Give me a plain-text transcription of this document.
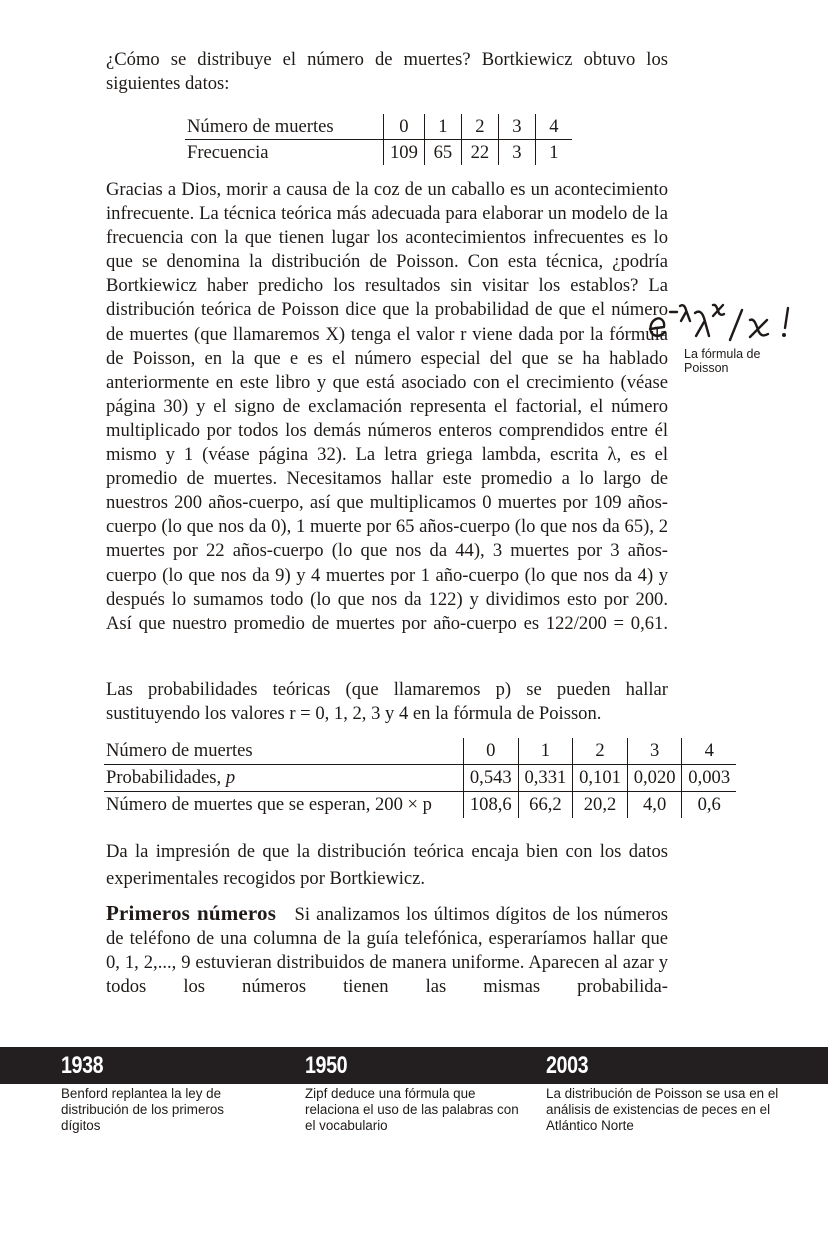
¿Cómo se distribuye el número de muertes? Bortkiewicz obtuvo los siguientes datos:

Número de muertes	0	1	2	3	4
Frecuencia	109	65	22	3	1

Gracias a Dios, morir a causa de la coz de un caballo es un acontecimiento infrecuente. La técnica teórica más adecuada para elaborar un modelo de la frecuencia con la que tienen lugar los acontecimientos infrecuentes es lo que se denomina la distribución de Poisson. Con esta técnica, ¿podría Bortkiewicz haber predicho los resultados sin visitar los establos? La distribución teórica de Poisson dice que la probabilidad de que el número de muertes (que llamaremos X) tenga el valor r viene dada por la fórmula de Poisson, en la que e es el número especial del que se ha hablado anteriormente en este libro y que está asociado con el crecimiento (véase página 30) y el signo de exclamación representa el factorial, el número multiplicado por todos los demás números enteros comprendidos entre él mismo y 1 (véase página 32). La letra griega lambda, escrita λ, es el promedio de muertes. Necesitamos hallar este promedio a lo largo de nuestros 200 años-cuerpo, así que multiplicamos 0 muertes por 109 años-cuerpo (lo que nos da 0), 1 muerte por 65 años-cuerpo (lo que nos da 65), 2 muertes por 22 años-cuerpo (lo que nos da 44), 3 muertes por 3 años-cuerpo (lo que nos da 9) y 4 muertes por 1 año-cuerpo (lo que nos da 4) y después lo sumamos todo (lo que nos da 122) y dividimos esto por 200. Así que nuestro promedio de muertes por año-cuerpo es 122/200 = 0,61.

La fórmula de Poisson

Las probabilidades teóricas (que llamaremos p) se pueden hallar sustituyendo los valores r = 0, 1, 2, 3 y 4 en la fórmula de Poisson.

Número de muertes	0	1	2	3	4
Probabilidades, p	0,543	0,331	0,101	0,020	0,003
Número de muertes que se esperan, 200 × p	108,6	66,2	20,2	4,0	0,6

Da la impresión de que la distribución teórica encaja bien con los datos experimentales recogidos por Bortkiewicz.

Primeros números Si analizamos los últimos dígitos de los números de teléfono de una columna de la guía telefónica, esperaríamos hallar que 0, 1, 2,..., 9 estuvieran distribuidos de manera uniforme. Aparecen al azar y todos los números tienen las mismas probabilida-

1938	1950	2003
Benford replantea la ley de distribución de los primeros dígitos
Zipf deduce una fórmula que relaciona el uso de las palabras con el vocabulario
La distribución de Poisson se usa en el análisis de existencias de peces en el Atlántico Norte
